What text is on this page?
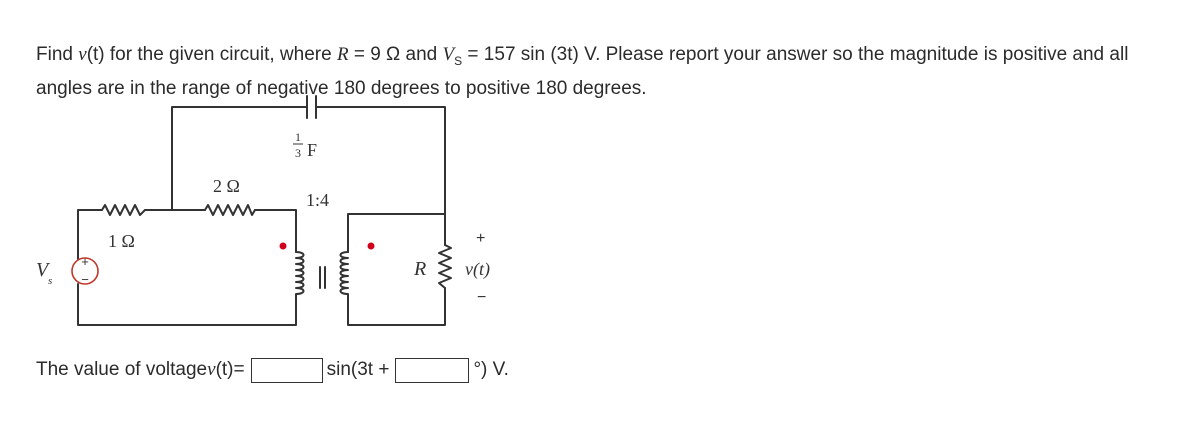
Find v(t) for the given circuit, where R = 9 Ω and $V_S = 157$ sin (3t) V. Please report your answer so the magnitude is positive and all angles are in the range of negative 180 degrees to positive 180 degrees.
+
−
V s
1 Ω
2 Ω
1:4
1
3 F
R
+
v(t)
−
The value of voltage v (t) =	sin(3t +	°) V.
